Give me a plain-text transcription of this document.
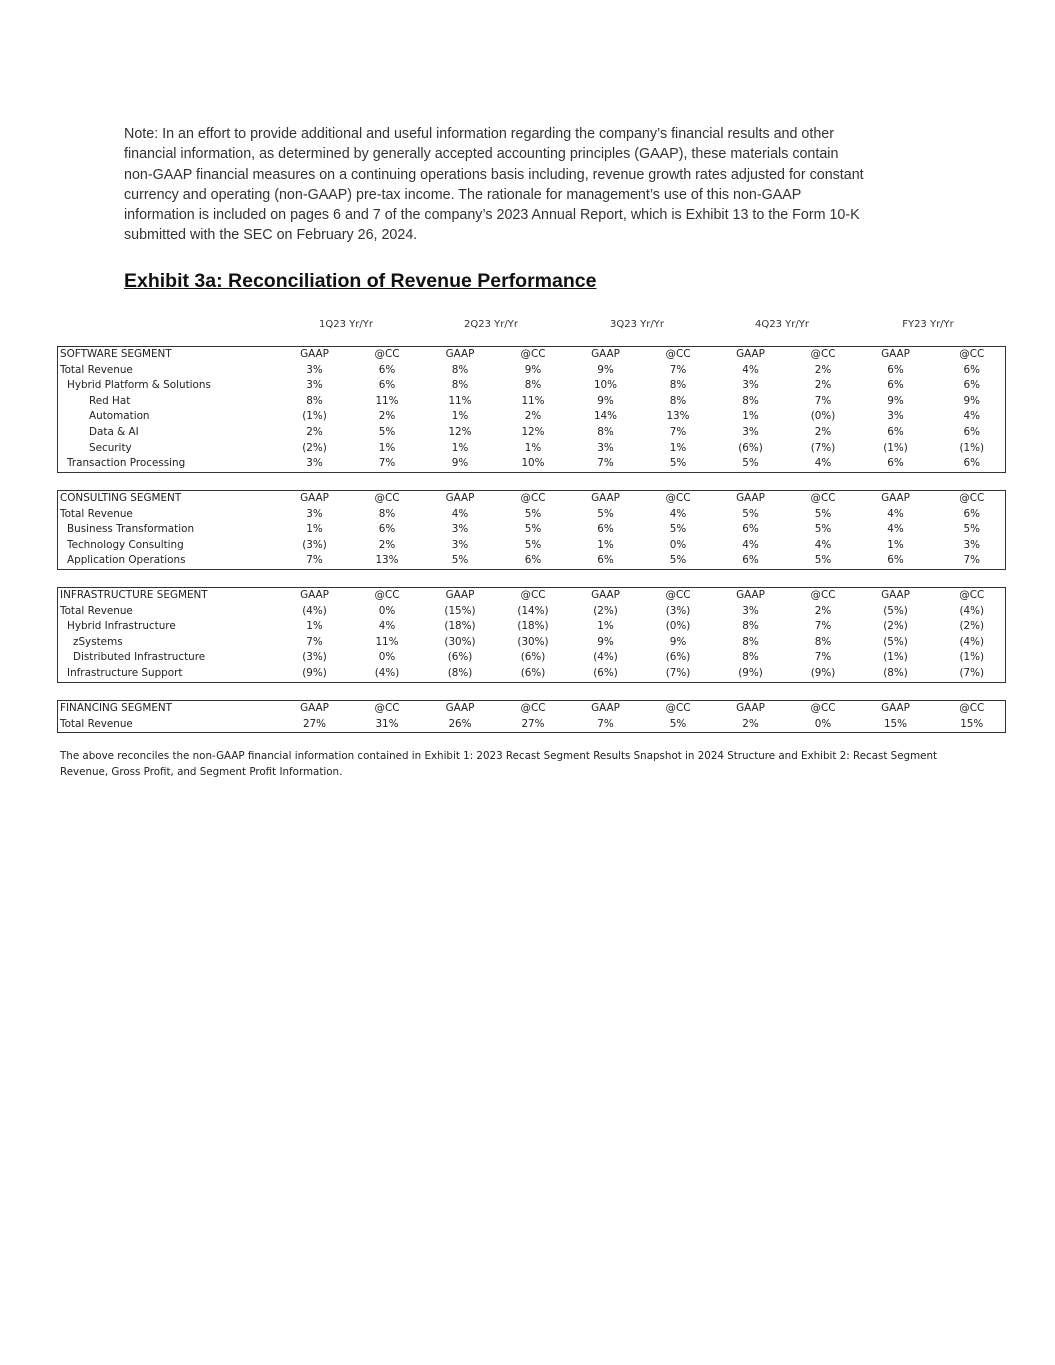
Note: In an effort to provide additional and useful information regarding the company’s financial results and other

financial information, as determined by generally accepted accounting principles (GAAP), these materials contain

non-GAAP financial measures on a continuing operations basis including, revenue growth rates adjusted for constant

currency and operating (non-GAAP) pre-tax income. The rationale for management’s use of this non-GAAP

information is included on pages 6 and 7 of the company’s 2023 Annual Report, which is Exhibit 13 to the Form 10-K

submitted with the SEC on February 26, 2024.

Exhibit 3a: Reconciliation of Revenue Performance
1Q23 Yr/Yr	2Q23 Yr/Yr	3Q23 Yr/Yr	4Q23 Yr/Yr	FY23 Yr/Yr
SOFTWARE SEGMENT	GAAP	@CC	GAAP	@CC	GAAP	@CC	GAAP	@CC	GAAP	@CC
Total Revenue	3%	6%	8%	9%	9%	7%	4%	2%	6%	6%
Hybrid Platform & Solutions	3%	6%	8%	8%	10%	8%	3%	2%	6%	6%
Red Hat	8%	11%	11%	11%	9%	8%	8%	7%	9%	9%
Automation	(1%)	2%	1%	2%	14%	13%	1%	(0%)	3%	4%
Data & AI	2%	5%	12%	12%	8%	7%	3%	2%	6%	6%
Security	(2%)	1%	1%	1%	3%	1%	(6%)	(7%)	(1%)	(1%)
Transaction Processing	3%	7%	9%	10%	7%	5%	5%	4%	6%	6%
CONSULTING SEGMENT	GAAP	@CC	GAAP	@CC	GAAP	@CC	GAAP	@CC	GAAP	@CC
Total Revenue	3%	8%	4%	5%	5%	4%	5%	5%	4%	6%
Business Transformation	1%	6%	3%	5%	6%	5%	6%	5%	4%	5%
Technology Consulting	(3%)	2%	3%	5%	1%	0%	4%	4%	1%	3%
Application Operations	7%	13%	5%	6%	6%	5%	6%	5%	6%	7%
INFRASTRUCTURE SEGMENT	GAAP	@CC	GAAP	@CC	GAAP	@CC	GAAP	@CC	GAAP	@CC
Total Revenue	(4%)	0%	(15%)	(14%)	(2%)	(3%)	3%	2%	(5%)	(4%)
Hybrid Infrastructure	1%	4%	(18%)	(18%)	1%	(0%)	8%	7%	(2%)	(2%)
zSystems	7%	11%	(30%)	(30%)	9%	9%	8%	8%	(5%)	(4%)
Distributed Infrastructure	(3%)	0%	(6%)	(6%)	(4%)	(6%)	8%	7%	(1%)	(1%)
Infrastructure Support	(9%)	(4%)	(8%)	(6%)	(6%)	(7%)	(9%)	(9%)	(8%)	(7%)
FINANCING SEGMENT	GAAP	@CC	GAAP	@CC	GAAP	@CC	GAAP	@CC	GAAP	@CC
Total Revenue	27%	31%	26%	27%	7%	5%	2%	0%	15%	15%

The above reconciles the non-GAAP financial information contained in Exhibit 1: 2023 Recast Segment Results Snapshot in 2024 Structure and Exhibit 2: Recast Segment
Revenue, Gross Profit, and Segment Profit Information.
